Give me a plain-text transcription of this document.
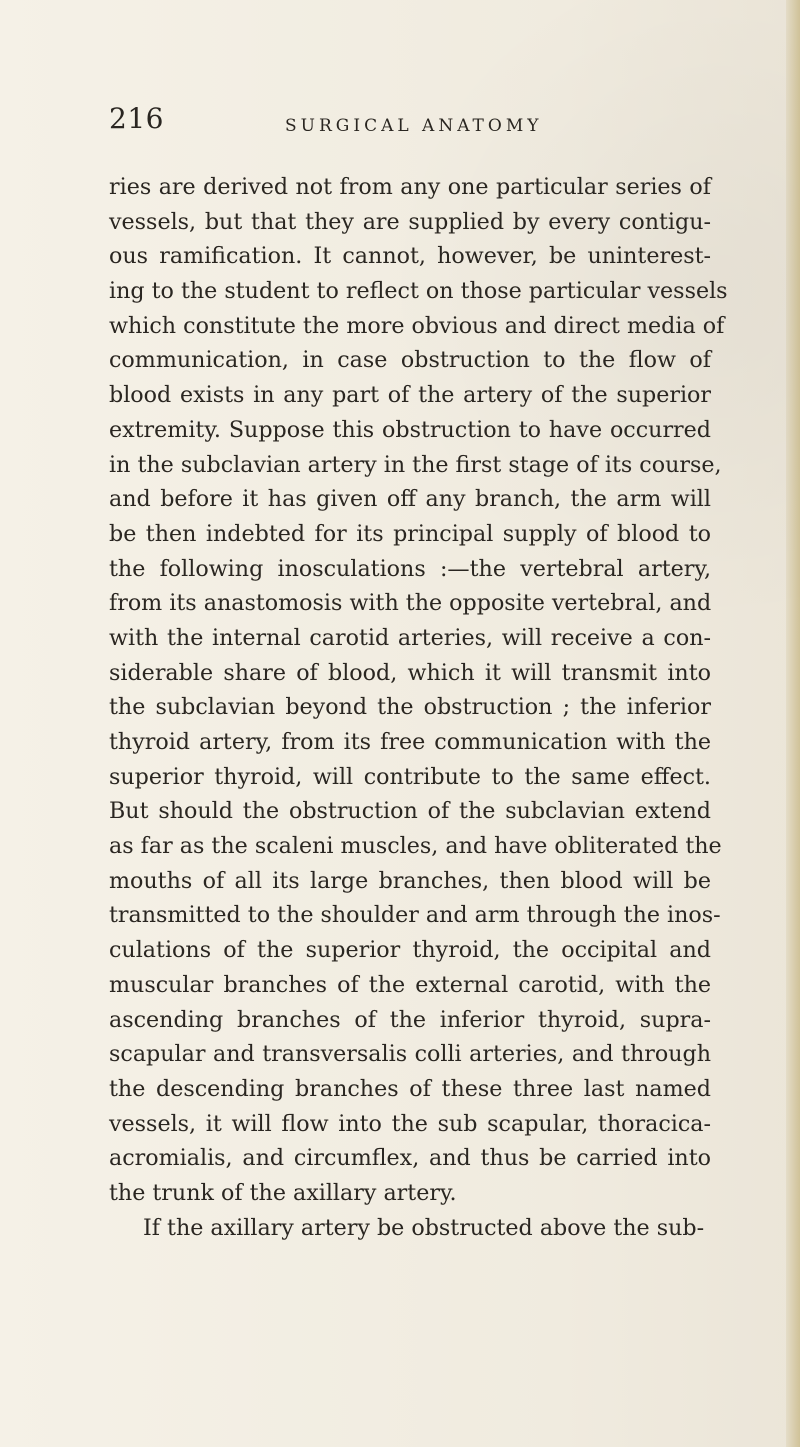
216	SURGICAL ANATOMY
ries are derived not from any one particular series of
vessels, but that they are supplied by every contigu-
ous ramification. It cannot, however, be uninterest-
ing to the student to reflect on those particular vessels
which constitute the more obvious and direct media of
communication, in case obstruction to the flow of
blood exists in any part of the artery of the superior
extremity. Suppose this obstruction to have occurred
in the subclavian artery in the first stage of its course,
and before it has given off any branch, the arm will
be then indebted for its principal supply of blood to
the following inosculations :—the vertebral artery,
from its anastomosis with the opposite vertebral, and
with the internal carotid arteries, will receive a con-
siderable share of blood, which it will transmit into
the subclavian beyond the obstruction ; the inferior
thyroid artery, from its free communication with the
superior thyroid, will contribute to the same effect.
But should the obstruction of the subclavian extend
as far as the scaleni muscles, and have obliterated the
mouths of all its large branches, then blood will be
transmitted to the shoulder and arm through the inos-
culations of the superior thyroid, the occipital and
muscular branches of the external carotid, with the
ascending branches of the inferior thyroid, supra-
scapular and transversalis colli arteries, and through
the descending branches of these three last named
vessels, it will flow into the sub scapular, thoracica-
acromialis, and circumflex, and thus be carried into
the trunk of the axillary artery.
If the axillary artery be obstructed above the sub-
